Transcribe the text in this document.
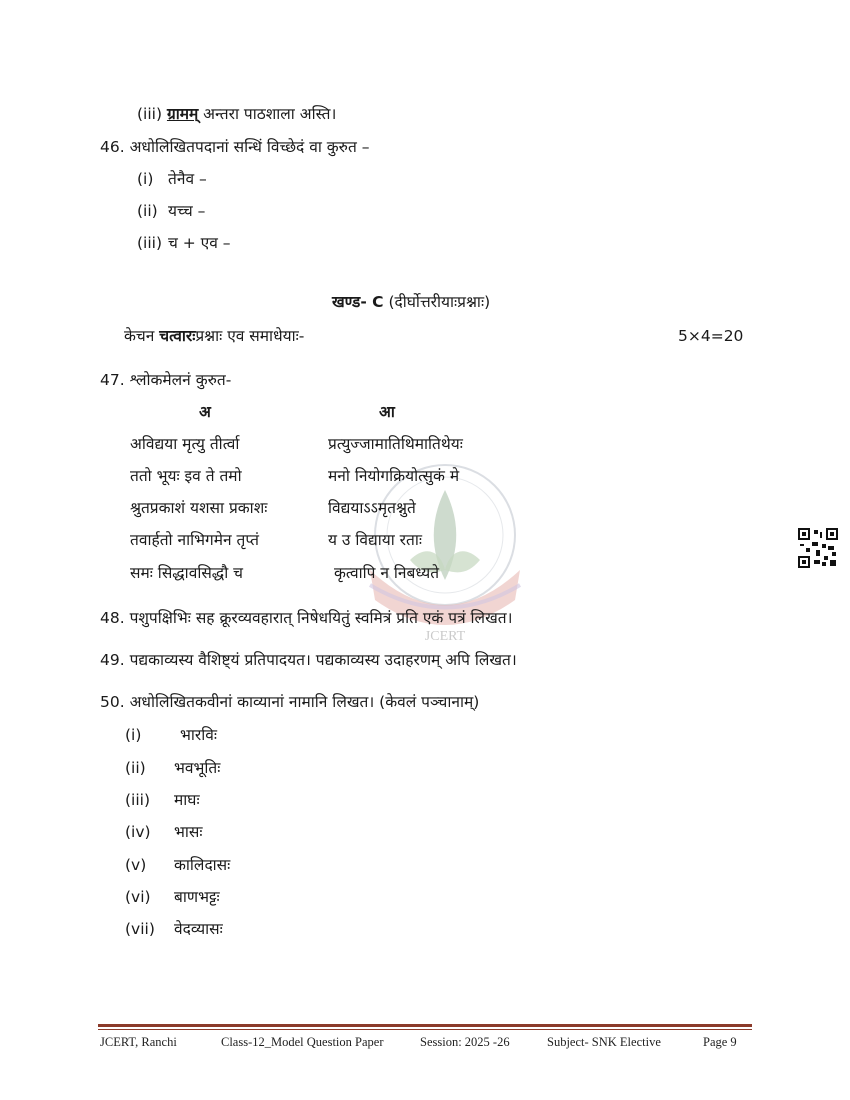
(iii) ग्रामम् अन्तरा पाठशाला अस्ति।
46. अधोलिखितपदानां सन्धिं विच्छेदं वा कुरुत –
(i) तेनैव –
(ii) यच्च –
(iii) च + एव –
खण्ड- C (दीर्घोत्तरीयाःप्रश्नाः)
केचन चत्वारःप्रश्नाः एव समाधेयाः-	5×4=20
JCERT
47. श्लोकमेलनं कुरुत-
अ	आ
अविद्यया मृत्यु तीर्त्वा	प्रत्युज्जामातिथिमातिथेयः
ततो भूयः इव ते तमो	मनो नियोगक्रियोत्सुकं मे
श्रुतप्रकाशं यशसा प्रकाशः	विद्ययाऽऽमृतश्नुते
तवार्हतो नाभिगमेन तृप्तं	य उ विद्याया रताः
समः सिद्धावसिद्धौ च	कृत्वापि न निबध्यते
48. पशुपक्षिभिः सह क्रूरव्यवहारात् निषेधयितुं स्वमित्रं प्रति एकं पत्रं लिखत।
49. पद्यकाव्यस्य वैशिष्ट्यं प्रतिपादयत। पद्यकाव्यस्य उदाहरणम् अपि लिखत।
50. अधोलिखितकवीनां काव्यानां नामानि लिखत। (केवलं पञ्चानाम्)
(i) भारविः
(ii) भवभूतिः
(iii) माघः
(iv) भासः
(v) कालिदासः
(vi) बाणभट्टः
(vii) वेदव्यासः
JCERT, Ranchi	Class-12_Model Question Paper	Session: 2025 -26	Subject- SNK Elective	Page 9
